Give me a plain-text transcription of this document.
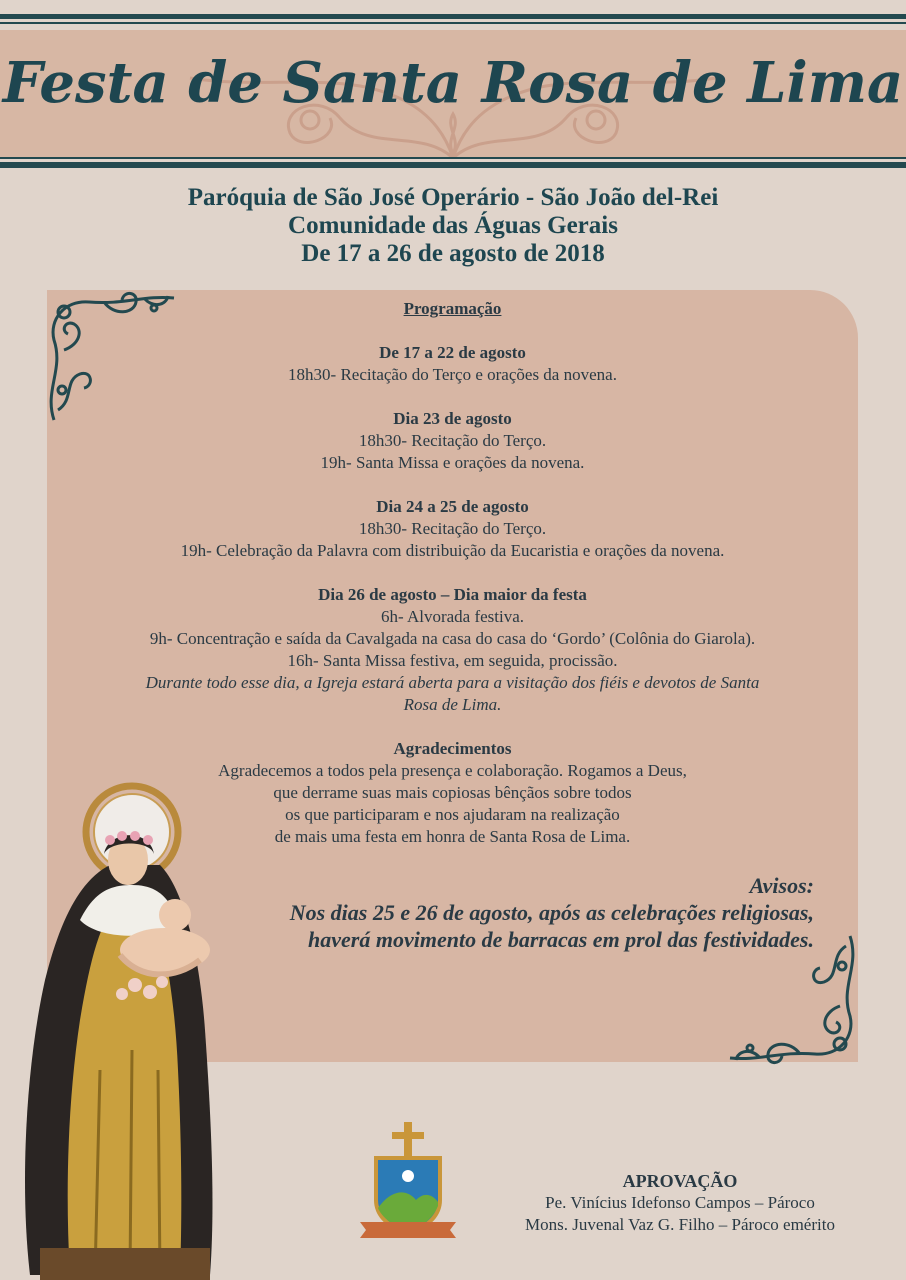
Festa de Santa Rosa de Lima
Paróquia de São José Operário - São João del-Rei
Comunidade das Águas Gerais
De 17 a 26 de agosto de 2018
Programação
De 17 a 22 de agosto
18h30- Recitação do Terço e orações da novena.
Dia 23 de agosto
18h30- Recitação do Terço.
19h- Santa Missa e orações da novena.
Dia 24 a 25 de agosto
18h30- Recitação do Terço.
19h- Celebração da Palavra com distribuição da Eucaristia e orações da novena.
Dia 26 de agosto – Dia maior da festa
6h- Alvorada festiva.
9h- Concentração e saída da Cavalgada na casa do casa do ‘Gordo’ (Colônia do Giarola).
16h- Santa Missa festiva, em seguida, procissão.
Durante todo esse dia, a Igreja estará aberta para a visitação dos fiéis e devotos de Santa
Rosa de Lima.
Agradecimentos
Agradecemos a todos pela presença e colaboração. Rogamos a Deus,
que derrame suas mais copiosas bênçãos sobre todos
os que participaram e nos ajudaram na realização
de mais uma festa em honra de Santa Rosa de Lima.
Avisos:
Nos dias 25 e 26 de agosto, após as celebrações religiosas,
haverá movimento de barracas em prol das festividades.
APROVAÇÃO
Pe. Vinícius Idefonso Campos – Pároco
Mons. Juvenal Vaz G. Filho – Pároco emérito
